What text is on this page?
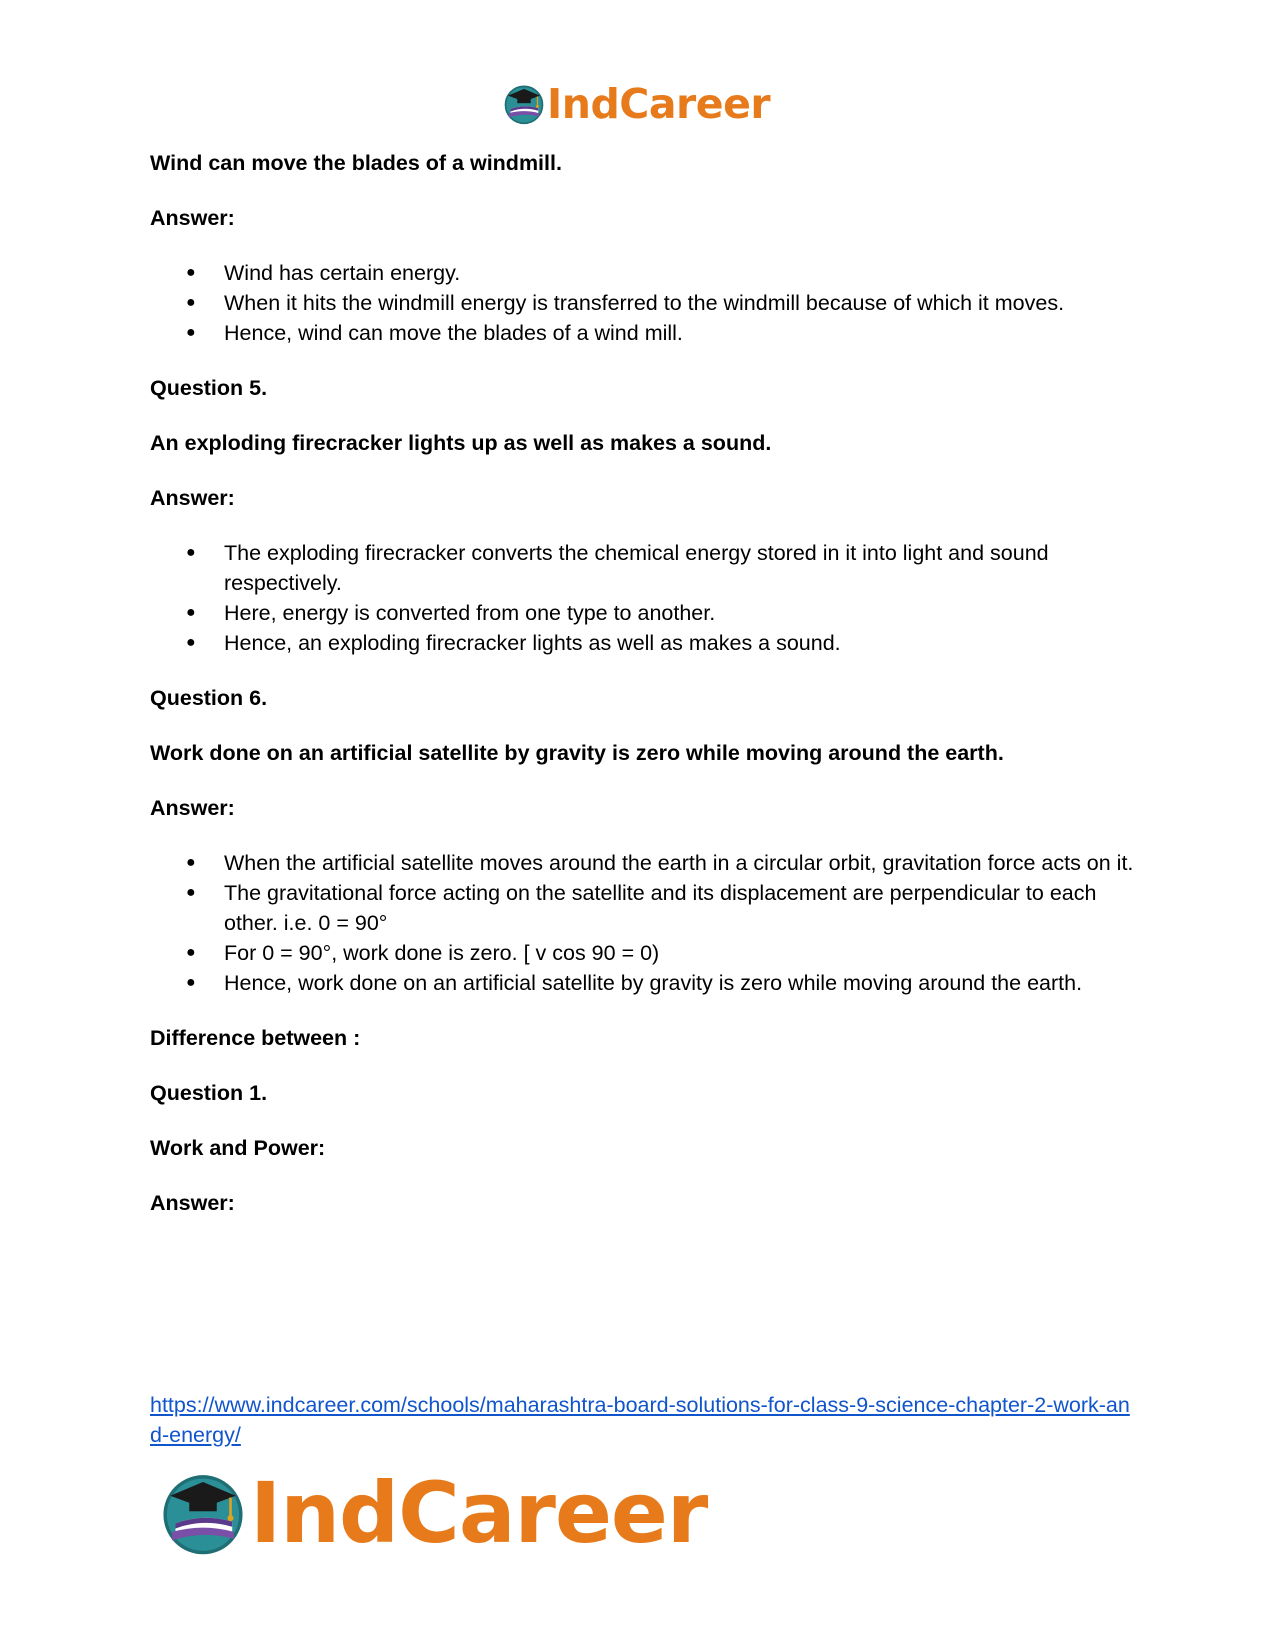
IndCareer

Wind can move the blades of a windmill.

Answer:

● Wind has certain energy.
● When it hits the windmill energy is transferred to the windmill because of which it moves.
● Hence, wind can move the blades of a wind mill.

Question 5.

An exploding firecracker lights up as well as makes a sound.

Answer:

● The exploding firecracker converts the chemical energy stored in it into light and sound respectively.
● Here, energy is converted from one type to another.
● Hence, an exploding firecracker lights as well as makes a sound.

Question 6.

Work done on an artificial satellite by gravity is zero while moving around the earth.

Answer:

● When the artificial satellite moves around the earth in a circular orbit, gravitation force acts on it.
● The gravitational force acting on the satellite and its displacement are perpendicular to each other. i.e. 0 = 90°
● For 0 = 90°, work done is zero. [ v cos 90 = 0)
● Hence, work done on an artificial satellite by gravity is zero while moving around the earth.

Difference between :

Question 1.

Work and Power:

Answer:

https://www.indcareer.com/schools/maharashtra-board-solutions-for-class-9-science-chapter-2-work-and-energy/
IndCareer
